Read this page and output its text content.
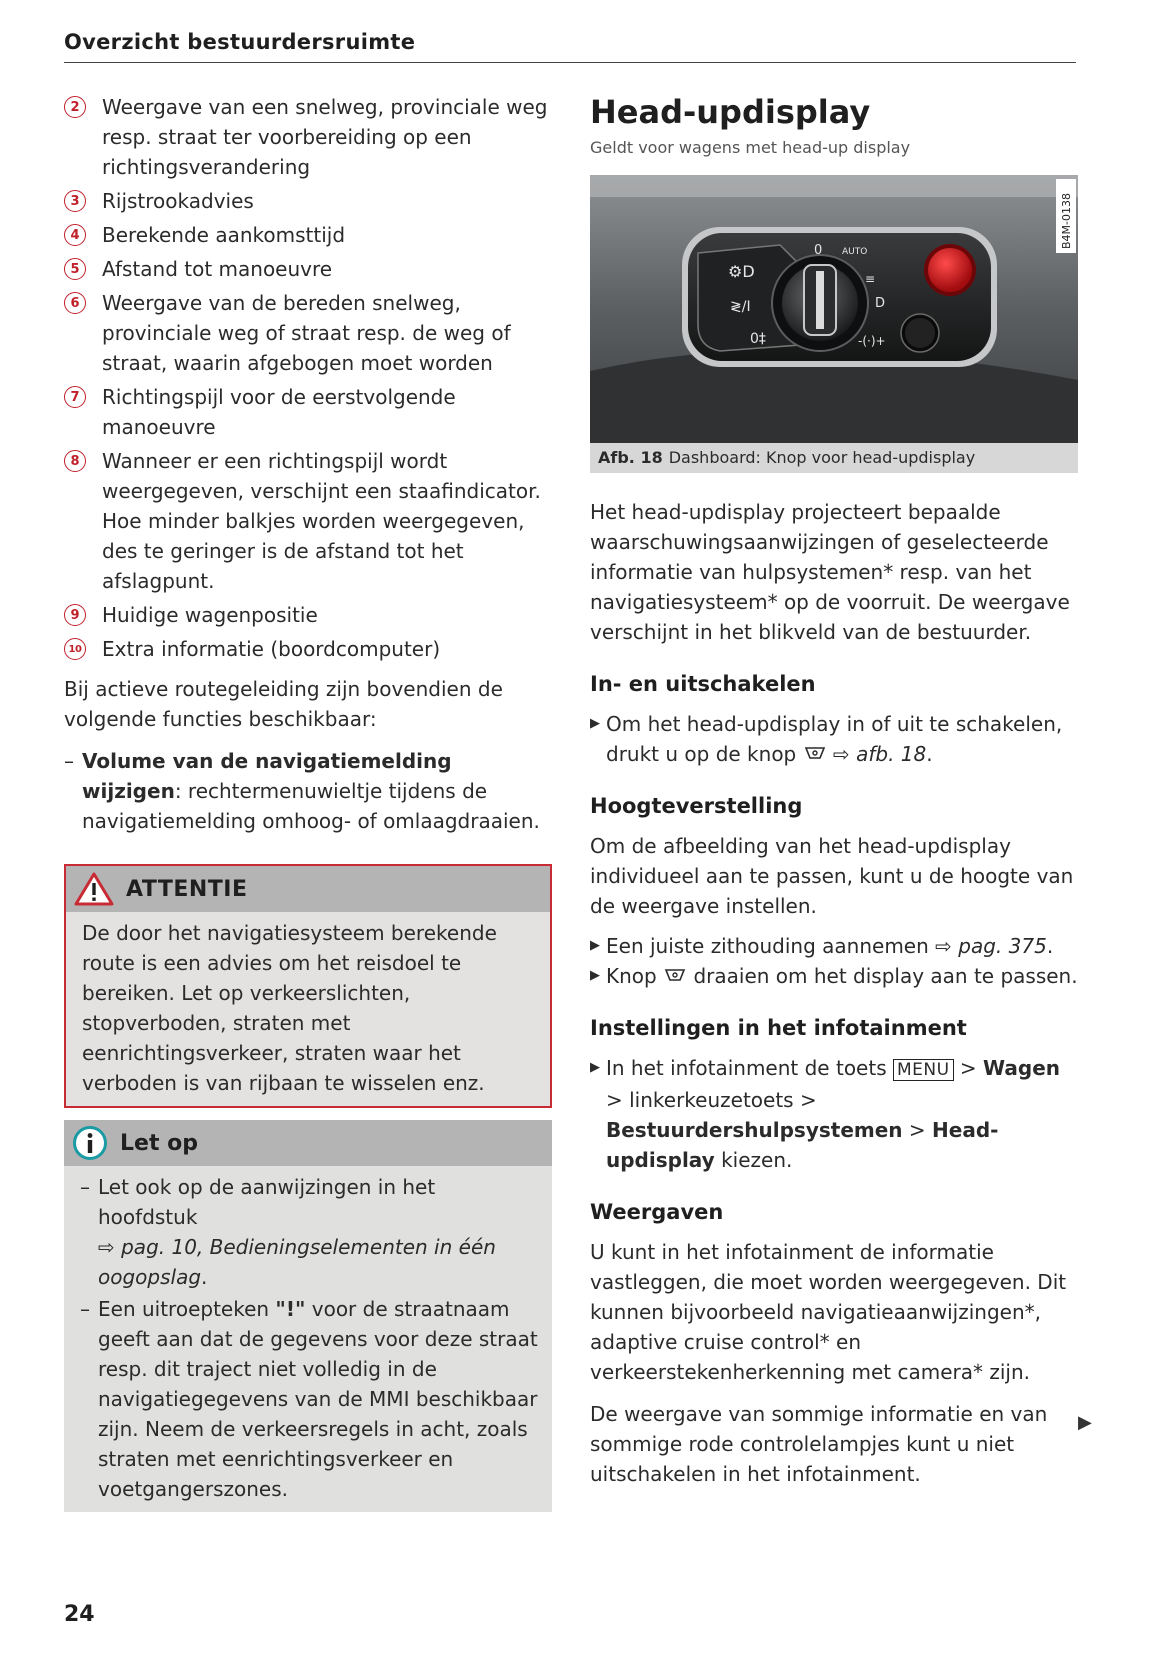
Overzicht bestuurdersruimte
2	Weergave van een snelweg, provinciale weg resp. straat ter voorbereiding op een richtingsverandering
3	Rijstrookadvies
4	Berekende aankomsttijd
5	Afstand tot manoeuvre
6	Weergave van de bereden snelweg, provinciale weg of straat resp. de weg of straat, waarin afgebogen moet worden
7	Richtingspijl voor de eerstvolgende manoeuvre
8	Wanneer er een richtingspijl wordt weergegeven, verschijnt een staafindicator. Hoe minder balkjes worden weergegeven, des te geringer is de afstand tot het afslagpunt.
9	Huidige wagenpositie
10 Extra informatie (boordcomputer)

Bij actieve routegeleiding zijn bovendien de volgende functies beschikbaar:

– Volume van de navigatiemelding wijzigen: rechtermenuwieltje tijdens de navigatiemelding omhoog- of omlaagdraaien.
ATTENTIE
De door het navigatiesysteem berekende route is een advies om het reisdoel te bereiken. Let op verkeerslichten, stopverboden, straten met eenrichtingsverkeer, straten waar het verboden is van rijbaan te wisselen enz.
Let op
– Let ook op de aanwijzingen in het hoofdstuk
⇨ pag. 10, Bedieningselementen in één oogopslag.
– Een uitroepteken "!" voor de straatnaam geeft aan dat de gegevens voor deze straat resp. dit traject niet volledig in de navigatiegegevens van de MMI beschikbaar zijn. Neem de verkeersregels in acht, zoals straten met eenrichtingsverkeer en voetgangerszones.
Head-updisplay
Geldt voor wagens met head-up display
⚙D
≷/I
0‡
0 AUTO
≡
D
-(·)+
B4M-0138
Afb. 18 Dashboard: Knop voor head-updisplay

Het head-updisplay projecteert bepaalde waarschuwingsaanwijzingen of geselecteerde informatie van hulpsystemen* resp. van het navigatiesysteem* op de voorruit. De weergave verschijnt in het blikveld van de bestuurder.

In- en uitschakelen
▶ Om het head-updisplay in of uit te schakelen, drukt u op de knop ⇨ afb. 18.
Hoogteverstelling

Om de afbeelding van het head-updisplay individueel aan te passen, kunt u de hoogte van de weergave instellen.

▶ Een juiste zithouding aannemen ⇨ pag. 375.
▶ Knop draaien om het display aan te passen.
Instellingen in het infotainment
▶ In het infotainment de toets MENU > Wagen > linkerkeuzetoets > Bestuurdershulpsystemen > Head-updisplay kiezen.
Weergaven

U kunt in het infotainment de informatie vastleggen, die moet worden weergegeven. Dit kunnen bijvoorbeeld navigatieaanwijzingen*, adaptive cruise control* en verkeerstekenherkenning met camera* zijn.

De weergave van sommige informatie en van sommige rode controlelampjes kunt u niet uitschakelen in het infotainment.

▶
24
